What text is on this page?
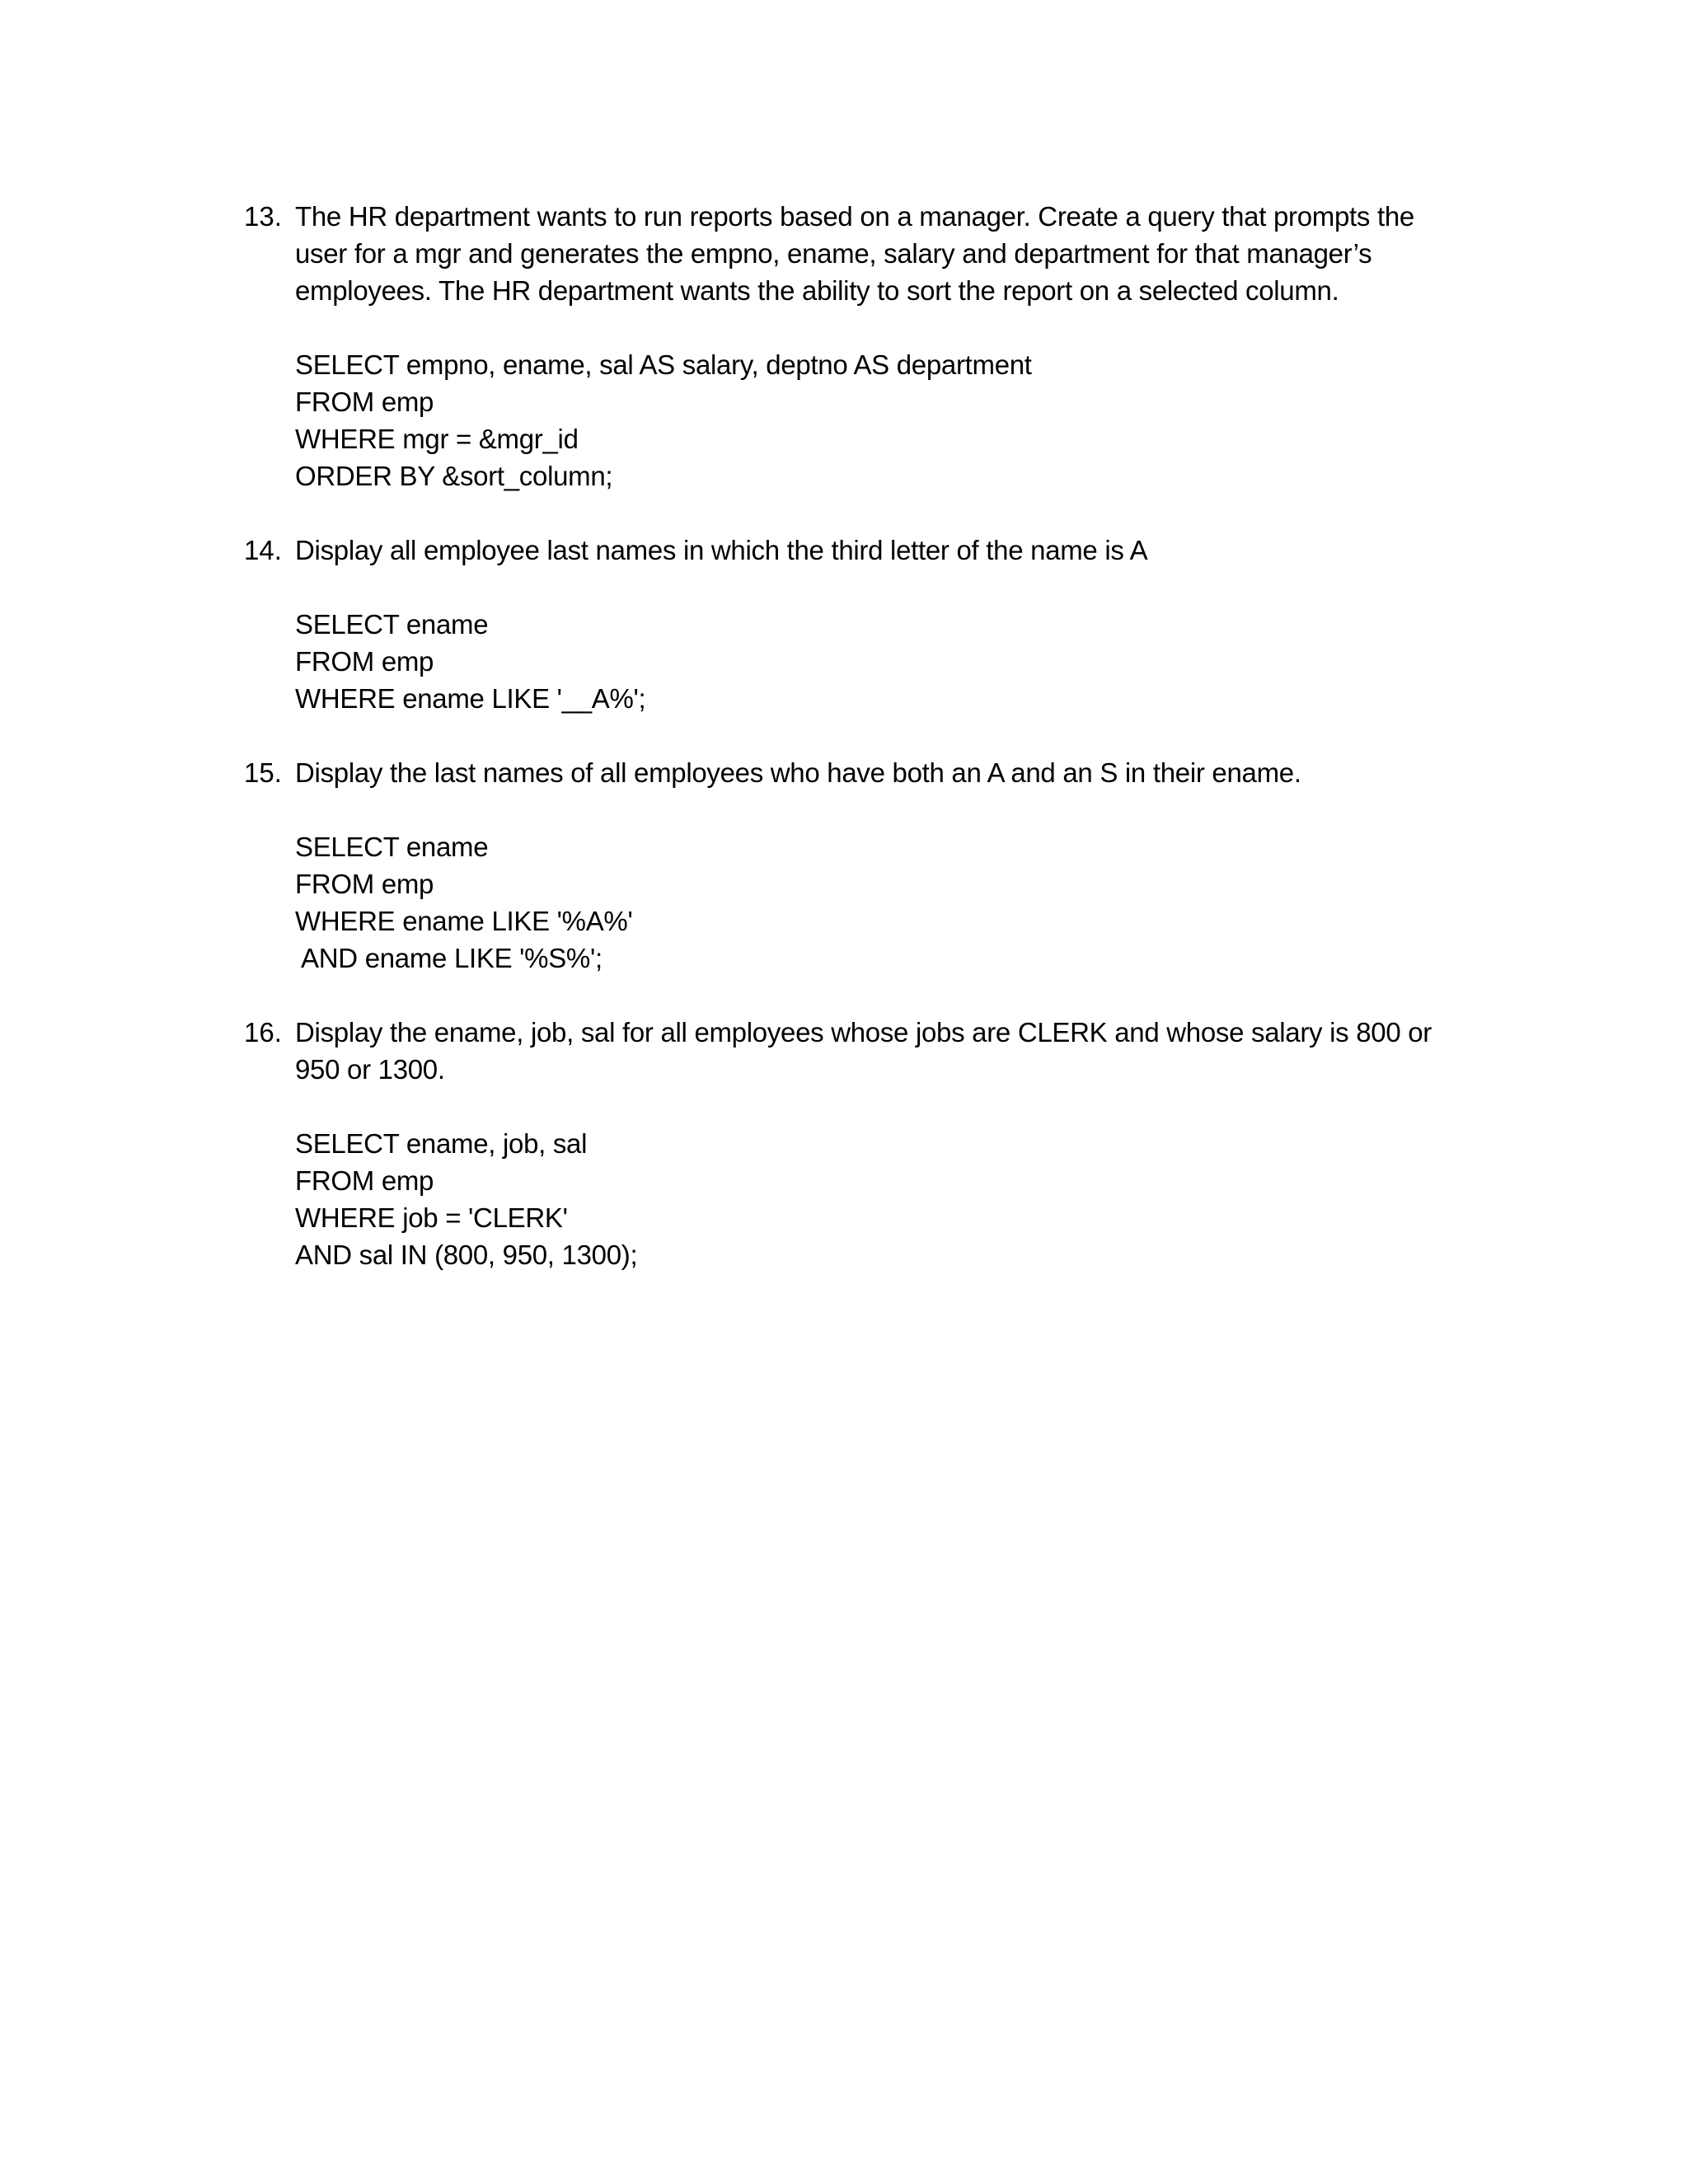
13. The HR department wants to run reports based on a manager. Create a query that prompts the
user for a mgr and generates the empno, ename, salary and department for that manager’s
employees. The HR department wants the ability to sort the report on a selected column.
SELECT empno, ename, sal AS salary, deptno AS department
FROM emp
WHERE mgr = &mgr_id
ORDER BY &sort_column;
14. Display all employee last names in which the third letter of the name is A
SELECT ename
FROM emp
WHERE ename LIKE '__A%';
15. Display the last names of all employees who have both an A and an S in their ename.
SELECT ename
FROM emp
WHERE ename LIKE '%A%'
AND ename LIKE '%S%';
16. Display the ename, job, sal for all employees whose jobs are CLERK and whose salary is 800 or
950 or 1300.
SELECT ename, job, sal
FROM emp
WHERE job = 'CLERK'
AND sal IN (800, 950, 1300);
